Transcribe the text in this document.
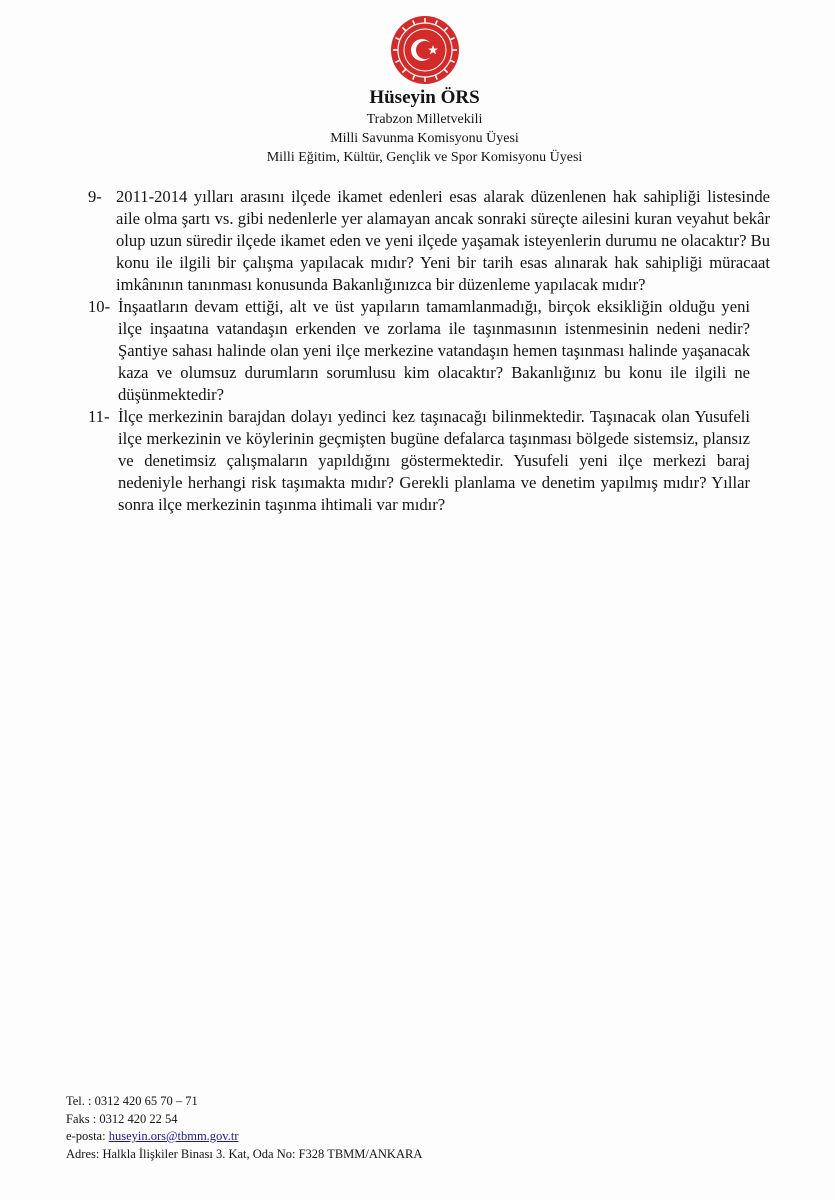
Hüseyin ÖRS
Trabzon Milletvekili
Milli Savunma Komisyonu Üyesi
Milli Eğitim, Kültür, Gençlik ve Spor Komisyonu Üyesi
9- 2011-2014 yılları arasını ilçede ikamet edenleri esas alarak düzenlenen hak sahipliği listesinde aile olma şartı vs. gibi nedenlerle yer alamayan ancak sonraki süreçte ailesini kuran veyahut bekâr olup uzun süredir ilçede ikamet eden ve yeni ilçede yaşamak isteyenlerin durumu ne olacaktır? Bu konu ile ilgili bir çalışma yapılacak mıdır? Yeni bir tarih esas alınarak hak sahipliği müracaat imkânının tanınması konusunda Bakanlığınızca bir düzenleme yapılacak mıdır?

10- İnşaatların devam ettiği, alt ve üst yapıların tamamlanmadığı, birçok eksikliğin olduğu yeni ilçe inşaatına vatandaşın erkenden ve zorlama ile taşınmasının istenmesinin nedeni nedir? Şantiye sahası halinde olan yeni ilçe merkezine vatandaşın hemen taşınması halinde yaşanacak kaza ve olumsuz durumların sorumlusu kim olacaktır? Bakanlığınız bu konu ile ilgili ne düşünmektedir?

11- İlçe merkezinin barajdan dolayı yedinci kez taşınacağı bilinmektedir. Taşınacak olan Yusufeli ilçe merkezinin ve köylerinin geçmişten bugüne defalarca taşınması bölgede sistemsiz, plansız ve denetimsiz çalışmaların yapıldığını göstermektedir. Yusufeli yeni ilçe merkezi baraj nedeniyle herhangi risk taşımakta mıdır? Gerekli planlama ve denetim yapılmış mıdır? Yıllar sonra ilçe merkezinin taşınma ihtimali var mıdır?

Tel. : 0312 420 65 70 – 71
Faks : 0312 420 22 54
e-posta: huseyin.ors@tbmm.gov.tr
Adres: Halkla İlişkiler Binası 3. Kat, Oda No: F328 TBMM/ANKARA
